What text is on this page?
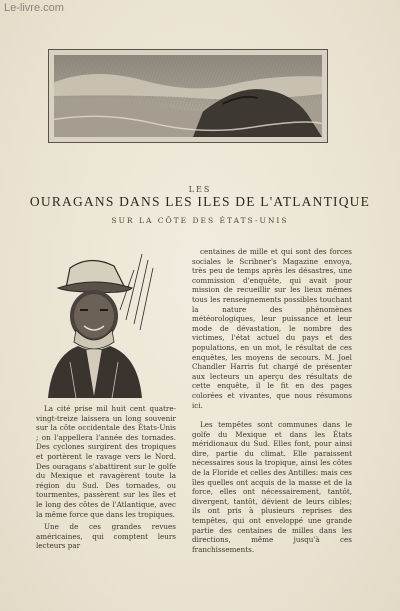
Le-livre.com
LES
OURAGANS DANS LES ILES DE L'ATLANTIQUE
SUR LA CÔTE DES ÉTATS-UNIS

centaines de mille et qui sont des forces sociales le Scribner's Magazine envoya, très peu de temps après les désastres, une commission d'enquête, qui avait pour mission de recueillir sur les lieux mêmes tous les renseignements possibles touchant la nature des phénomènes météorologiques, leur puissance et leur mode de dévastation, le nombre des victimes, l'état actuel du pays et des populations, en un mot, le résultat de ces enquêtes, les moyens de secours. M. Joel Chandler Harris fut chargé de présenter aux lecteurs un aperçu des résultats de cette enquête, il le fit en des pages colorées et vivantes, que nous résumons ici.

Les tempêtes sont communes dans le golfe du Mexique et dans les États méridionaux du Sud. Elles font, pour ainsi dire, partie du climat. Elle paraissent nécessaires sous la tropique, ainsi les côtes de la Floride et celles des Antilles: mais ces îles quelles ont acquis de la masse et de la force, elles ont nécessairement, tantôt, divergent, tantôt, dévient de leurs cibles; ils ont pris à plusieurs reprises des tempêtes, qui ont enveloppé une grande partie des centaines de milles dans les directions, même jusqu'à ces franchissements.

La cité prise mil huit cent quatre-vingt-treize laissera un long souvenir sur la côte occidentale des États-Unis ; on l'appellera l'année des tornades. Des cyclones surgirent des tropiques et portèrent le ravage vers le Nord. Des ouragans s'abattirent sur le golfe du Mexique et ravagèrent toute la région du Sud. Des tornades, ou tourmentes, passèrent sur les îles et le long des côtes de l'Atlantique, avec la même force que dans les tropiques.

Une de ces grandes revues américaines, qui comptent leurs lecteurs par
